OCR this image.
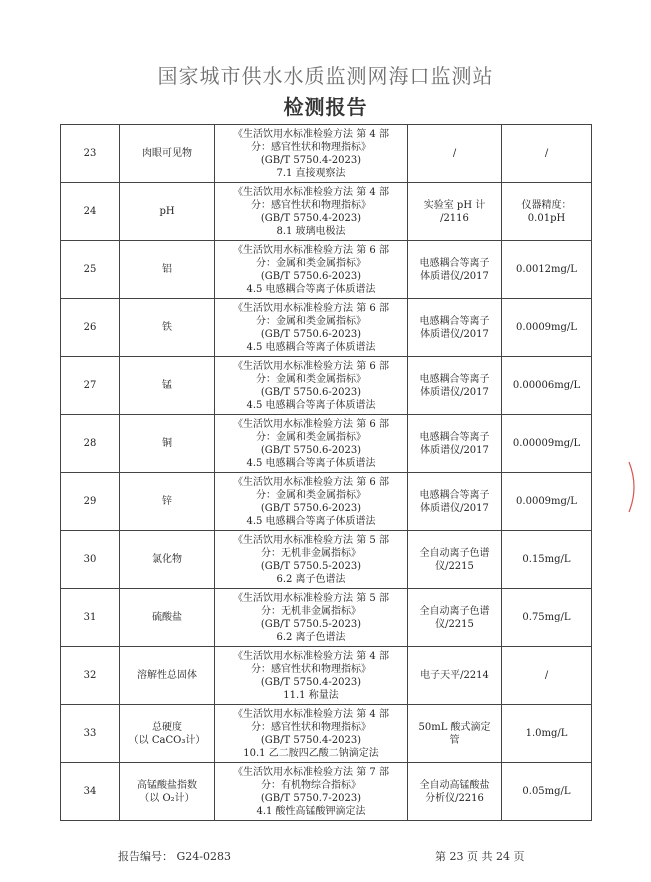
国家城市供水水质监测网海口监测站
检测报告
23	肉眼可见物	《生活饮用水标准检验方法 第 4 部
分：感官性状和物理指标》
(GB/T 5750.4-2023)
7.1 直接观察法	/	/

24	pH	《生活饮用水标准检验方法 第 4 部
分：感官性状和物理指标》
(GB/T 5750.4-2023)
8.1 玻璃电极法	实验室 pH 计
/2116	仪器精度：
0.01pH

25	铝	《生活饮用水标准检验方法 第 6 部
分：金属和类金属指标》
(GB/T 5750.6-2023)
4.5 电感耦合等离子体质谱法	电感耦合等离子
体质谱仪/2017	0.0012mg/L

26	铁	《生活饮用水标准检验方法 第 6 部
分：金属和类金属指标》
(GB/T 5750.6-2023)
4.5 电感耦合等离子体质谱法	电感耦合等离子
体质谱仪/2017	0.0009mg/L

27	锰	《生活饮用水标准检验方法 第 6 部
分：金属和类金属指标》
(GB/T 5750.6-2023)
4.5 电感耦合等离子体质谱法	电感耦合等离子
体质谱仪/2017	0.00006mg/L

28	铜	《生活饮用水标准检验方法 第 6 部
分：金属和类金属指标》
(GB/T 5750.6-2023)
4.5 电感耦合等离子体质谱法	电感耦合等离子
体质谱仪/2017	0.00009mg/L

29	锌	《生活饮用水标准检验方法 第 6 部
分：金属和类金属指标》
(GB/T 5750.6-2023)
4.5 电感耦合等离子体质谱法	电感耦合等离子
体质谱仪/2017	0.0009mg/L

30	氯化物	《生活饮用水标准检验方法 第 5 部
分：无机非金属指标》
(GB/T 5750.5-2023)
6.2 离子色谱法	全自动离子色谱
仪/2215	0.15mg/L

31	硫酸盐	《生活饮用水标准检验方法 第 5 部
分：无机非金属指标》
(GB/T 5750.5-2023)
6.2 离子色谱法	全自动离子色谱
仪/2215	0.75mg/L

32	溶解性总固体	《生活饮用水标准检验方法 第 4 部
分：感官性状和物理指标》
(GB/T 5750.4-2023)
11.1 称量法	电子天平/2214	/

33	总硬度
（以 CaCO₃计）	《生活饮用水标准检验方法 第 4 部
分：感官性状和物理指标》
(GB/T 5750.4-2023)
10.1 乙二胺四乙酸二钠滴定法	50mL 酸式滴定
管	1.0mg/L

34	高锰酸盐指数
（以 O₂计）	《生活饮用水标准检验方法 第 7 部
分：有机物综合指标》
(GB/T 5750.7-2023)
4.1 酸性高锰酸钾滴定法	全自动高锰酸盐
分析仪/2216	0.05mg/L
报告编号： G24-0283	第 23 页 共 24 页
